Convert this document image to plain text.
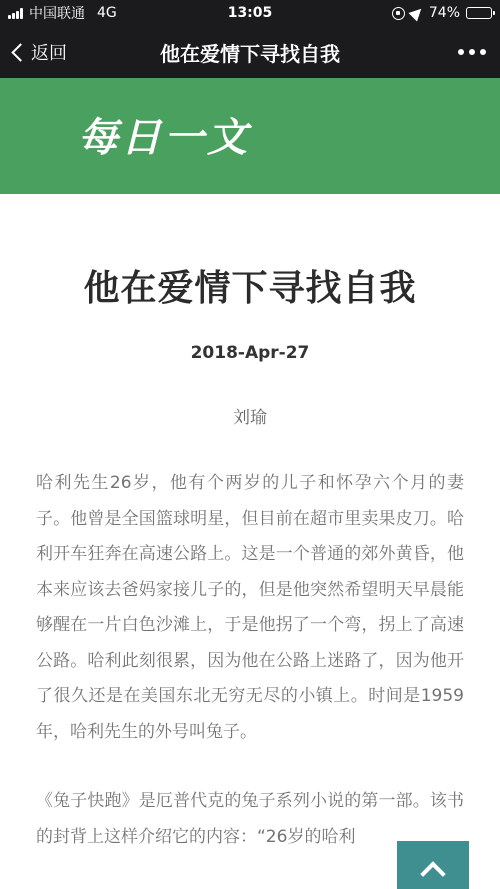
中国联通 4G	13:05	74%
返回	他在爱情下寻找自我
每日一文
他在爱情下寻找自我
2018-Apr-27
刘瑜

哈利先生26岁，他有个两岁的儿子和怀孕六个月的妻子。他曾是全国篮球明星，但目前在超市里卖果皮刀。哈利开车狂奔在高速公路上。这是一个普通的郊外黄昏，他本来应该去爸妈家接儿子的，但是他突然希望明天早晨能够醒在一片白色沙滩上，于是他拐了一个弯，拐上了高速公路。哈利此刻很累，因为他在公路上迷路了，因为他开了很久还是在美国东北无穷无尽的小镇上。时间是1959年，哈利先生的外号叫兔子。

《兔子快跑》是厄普代克的兔子系列小说的第一部。该书的封背上这样介绍它的内容：“26岁的哈利
